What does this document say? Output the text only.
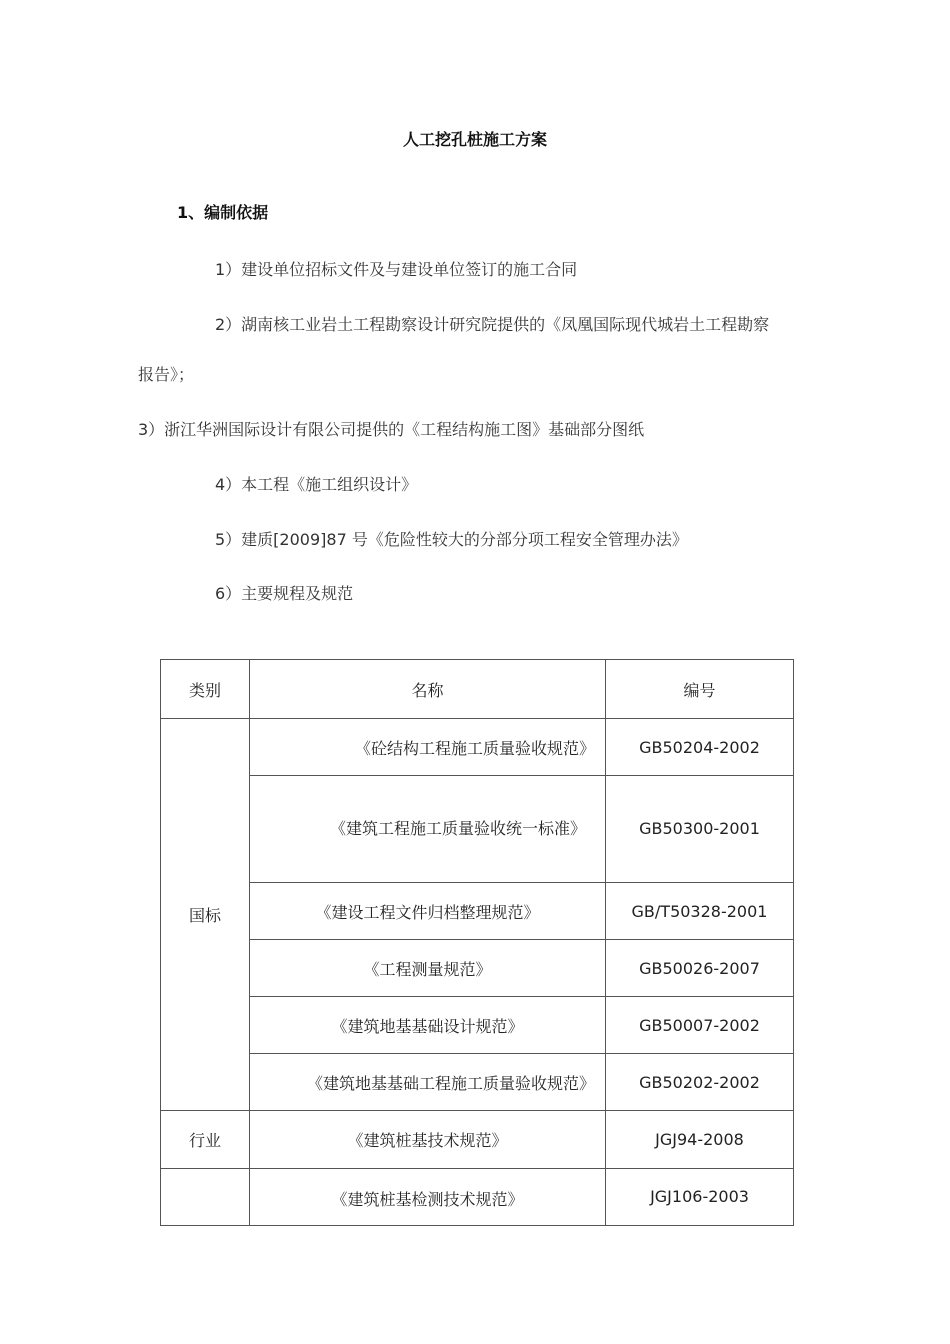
人工挖孔桩施工方案
1、编制依据
1）建设单位招标文件及与建设单位签订的施工合同
2）湖南核工业岩土工程勘察设计研究院提供的《凤凰国际现代城岩土工程勘察
报告》；
3）浙江华洲国际设计有限公司提供的《工程结构施工图》基础部分图纸
4）本工程《施工组织设计》
5）建质[2009]87 号《危险性较大的分部分项工程安全管理办法》
6）主要规程及规范
类别	名称	编号
国标	《砼结构工程施工质量验收规范》	GB50204-2002
	《建筑工程施工质量验收统一标准》	GB50300-2001
	《建设工程文件归档整理规范》	GB/T50328-2001
	《工程测量规范》	GB50026-2007
	《建筑地基基础设计规范》	GB50007-2002
	《建筑地基基础工程施工质量验收规范》	GB50202-2002
行业	《建筑桩基技术规范》	JGJ94-2008
	《建筑桩基检测技术规范》	JGJ106-2003
